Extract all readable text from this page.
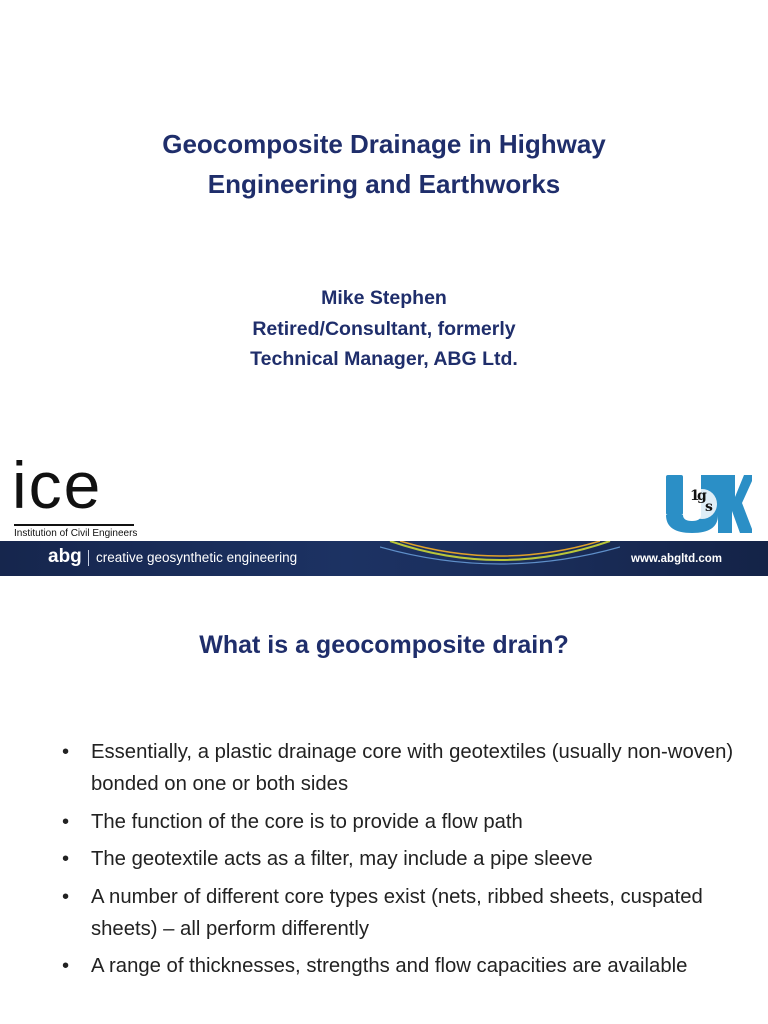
Geocomposite Drainage in Highway
Engineering and Earthworks
Mike Stephen
Retired/Consultant, formerly
Technical Manager, ABG Ltd.
ice
Institution of Civil Engineers
1
g
s
abg creative geosynthetic engineering	www.abgltd.com
What is a geocomposite drain?
• Essentially, a plastic drainage core with geotextiles (usually non-woven) bonded on one or both sides
• The function of the core is to provide a flow path
• The geotextile acts as a filter, may include a pipe sleeve
• A number of different core types exist (nets, ribbed sheets, cuspated sheets) – all perform differently
• A range of thicknesses, strengths and flow capacities are available
